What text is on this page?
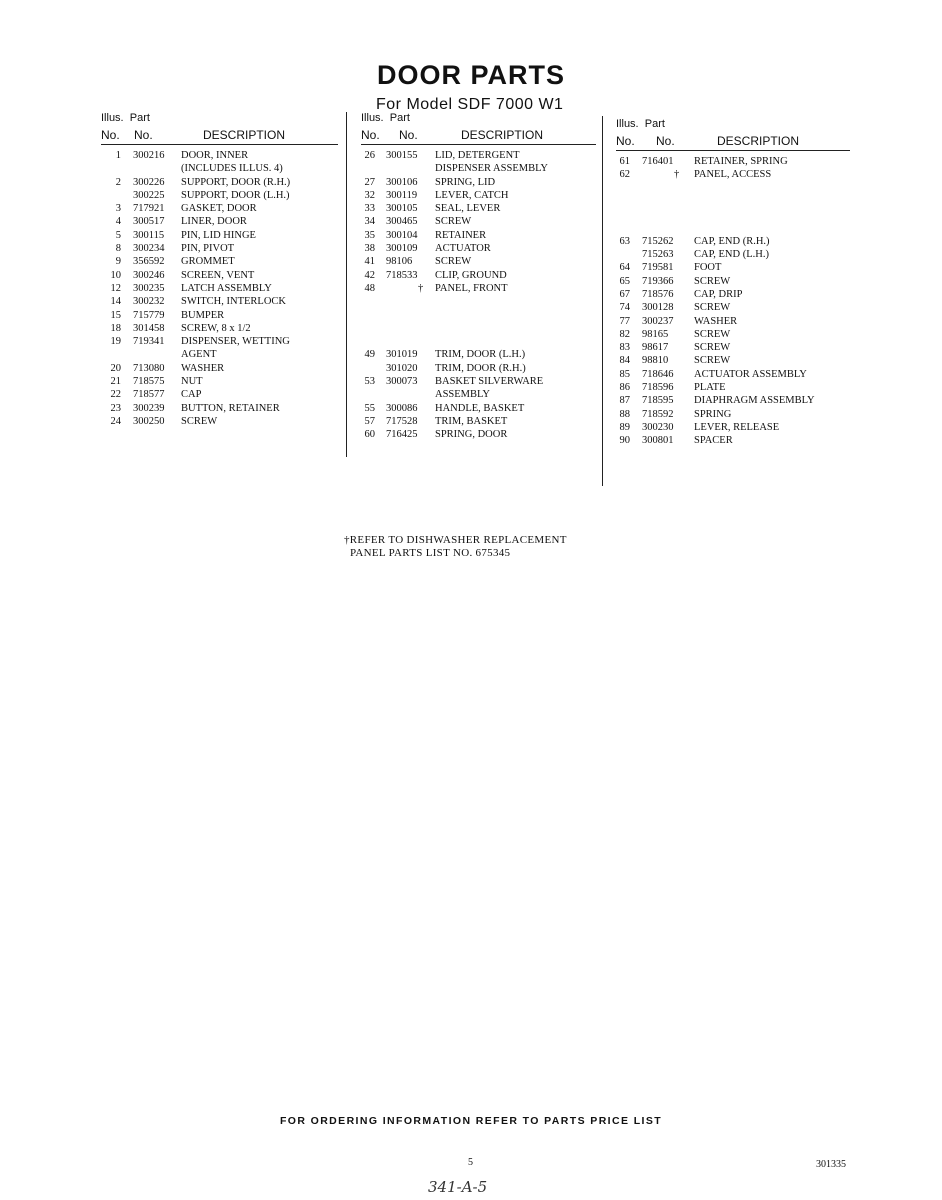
DOOR PARTS
For Model SDF 7000 W1
Illus. Part
No. No.	DESCRIPTION
1 300216 DOOR, INNER
(INCLUDES ILLUS. 4)
2 300226 SUPPORT, DOOR (R.H.)
300225 SUPPORT, DOOR (L.H.)
3 717921 GASKET, DOOR
4 300517 LINER, DOOR
5 300115 PIN, LID HINGE
8 300234 PIN, PIVOT
9 356592 GROMMET
10 300246 SCREEN, VENT
12 300235 LATCH ASSEMBLY
14 300232 SWITCH, INTERLOCK
15 715779 BUMPER
18 301458 SCREW, 8 x 1/2
19 719341 DISPENSER, WETTING
AGENT
20 713080 WASHER
21 718575 NUT
22 718577 CAP
23 300239 BUTTON, RETAINER
24 300250 SCREW
Illus. Part
No. No.	DESCRIPTION
26 300155 LID, DETERGENT
DISPENSER ASSEMBLY
27 300106 SPRING, LID
32 300119 LEVER, CATCH
33 300105 SEAL, LEVER
34 300465 SCREW
35 300104 RETAINER
38 300109 ACTUATOR
41 98106 SCREW
42 718533 CLIP, GROUND
48	† PANEL, FRONT
49 301019 TRIM, DOOR (L.H.)
301020 TRIM, DOOR (R.H.)
53 300073 BASKET SILVERWARE
ASSEMBLY
55 300086 HANDLE, BASKET
57 717528 TRIM, BASKET
60 716425 SPRING, DOOR
Illus. Part
No. No.	DESCRIPTION
61 716401 RETAINER, SPRING
62	† PANEL, ACCESS
63 715262 CAP, END (R.H.)
715263 CAP, END (L.H.)
64 719581 FOOT
65 719366 SCREW
67 718576 CAP, DRIP
74 300128 SCREW
77 300237 WASHER
82 98165 SCREW
83 98617 SCREW
84 98810 SCREW
85 718646 ACTUATOR ASSEMBLY
86 718596 PLATE
87 718595 DIAPHRAGM ASSEMBLY
88 718592 SPRING
89 300230 LEVER, RELEASE
90 300801 SPACER
†REFER TO DISHWASHER REPLACEMENT
PANEL PARTS LIST NO. 675345
FOR ORDERING INFORMATION REFER TO PARTS PRICE LIST
5	301335
341-A-5
